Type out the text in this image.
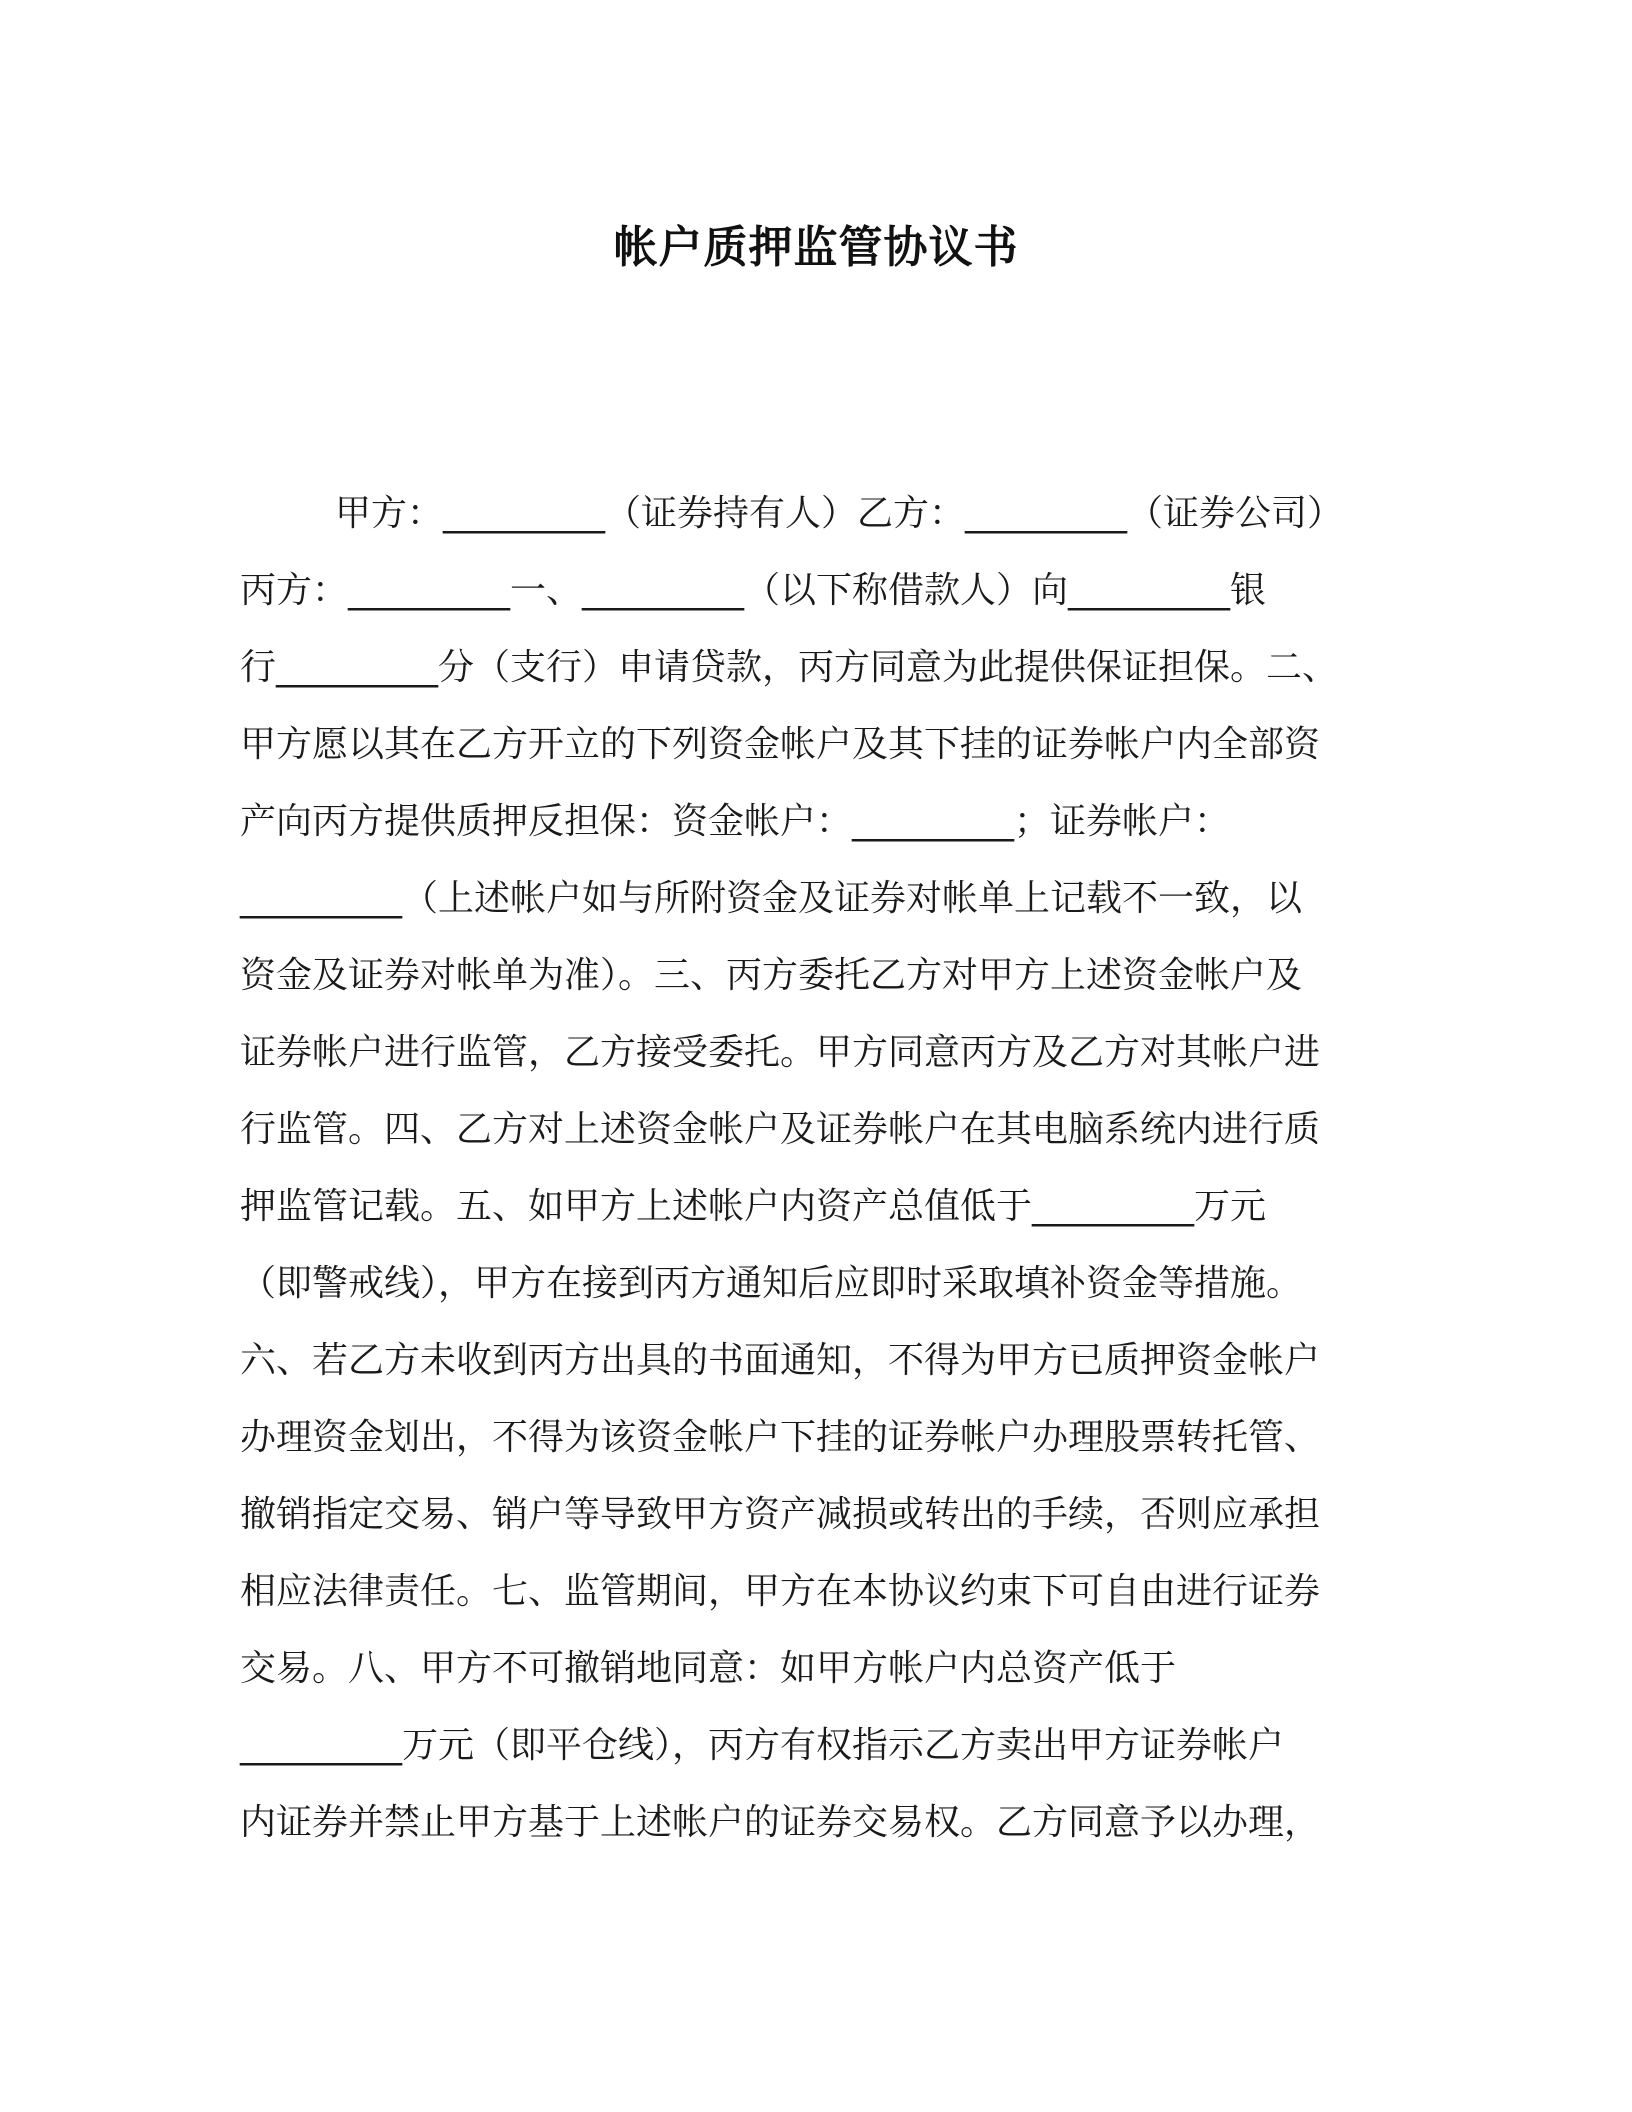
帐户质押监管协议书
甲方：_________（证券持有人）乙方：_________（证券公司）
丙方：_________一、_________（以下称借款人）向_________银
行_________分（支行）申请贷款，丙方同意为此提供保证担保。二、
甲方愿以其在乙方开立的下列资金帐户及其下挂的证券帐户内全部资
产向丙方提供质押反担保：资金帐户：_________；证券帐户：
_________（上述帐户如与所附资金及证券对帐单上记载不一致，以
资金及证券对帐单为准）。三、丙方委托乙方对甲方上述资金帐户及
证券帐户进行监管，乙方接受委托。甲方同意丙方及乙方对其帐户进
行监管。四、乙方对上述资金帐户及证券帐户在其电脑系统内进行质
押监管记载。五、如甲方上述帐户内资产总值低于_________万元
（即警戒线），甲方在接到丙方通知后应即时采取填补资金等措施。
六、若乙方未收到丙方出具的书面通知，不得为甲方已质押资金帐户
办理资金划出，不得为该资金帐户下挂的证券帐户办理股票转托管、
撤销指定交易、销户等导致甲方资产减损或转出的手续，否则应承担
相应法律责任。七、监管期间，甲方在本协议约束下可自由进行证券
交易。八、甲方不可撤销地同意：如甲方帐户内总资产低于
_________万元（即平仓线），丙方有权指示乙方卖出甲方证券帐户
内证券并禁止甲方基于上述帐户的证券交易权。乙方同意予以办理，
